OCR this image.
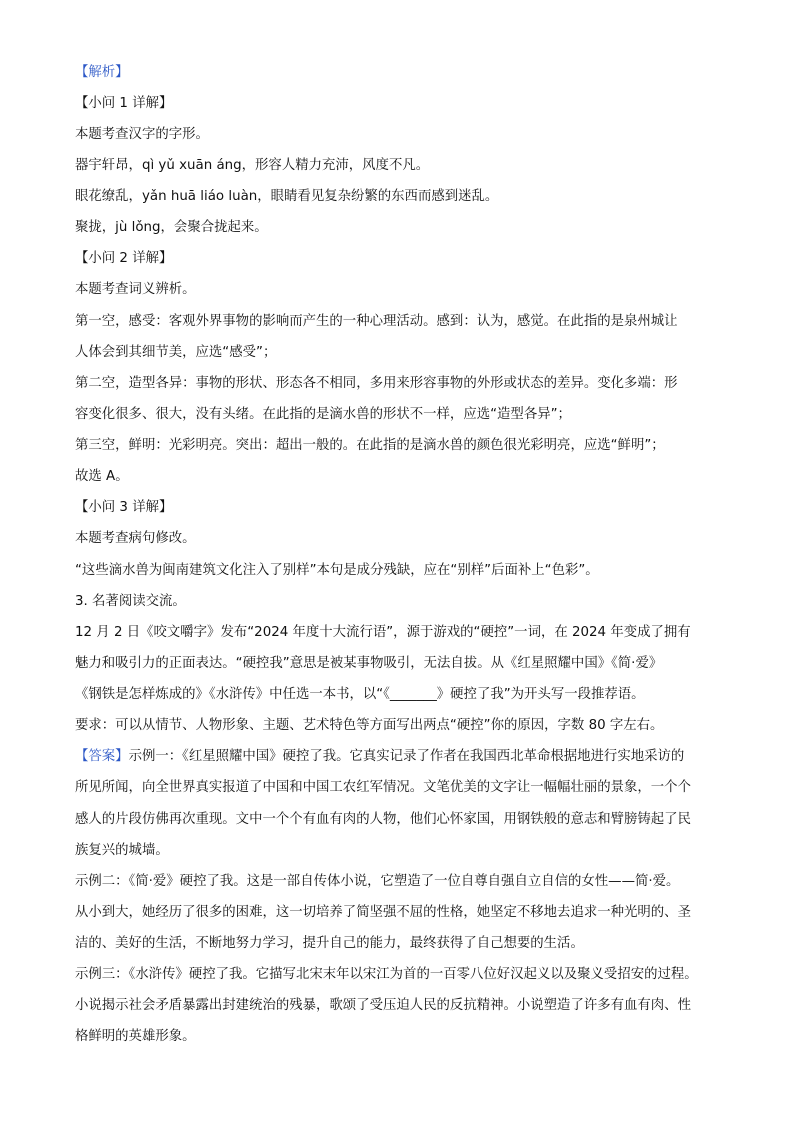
【解析】
【小问 1 详解】
本题考查汉字的字形。
器宇轩昂，qì yǔ xuān áng，形容人精力充沛，风度不凡。
眼花缭乱，yǎn huā liáo luàn，眼睛看见复杂纷繁的东西而感到迷乱。
聚拢，jù lǒng，会聚合拢起来。
【小问 2 详解】
本题考查词义辨析。
第一空，感受：客观外界事物的影响而产生的一种心理活动。感到：认为，感觉。在此指的是泉州城让
人体会到其细节美，应选“感受”；
第二空，造型各异：事物的形状、形态各不相同，多用来形容事物的外形或状态的差异。变化多端：形
容变化很多、很大，没有头绪。在此指的是滴水兽的形状不一样，应选“造型各异”；
第三空，鲜明：光彩明亮。突出：超出一般的。在此指的是滴水兽的颜色很光彩明亮，应选“鲜明”；
故选 A。
【小问 3 详解】
本题考查病句修改。
“这些滴水兽为闽南建筑文化注入了别样”本句是成分残缺，应在“别样”后面补上“色彩”。
3. 名著阅读交流。
12 月 2 日《咬文嚼字》发布“2024 年度十大流行语”，源于游戏的“硬控”一词，在 2024 年变成了拥有
魅力和吸引力的正面表达。“硬控我”意思是被某事物吸引，无法自拔。从《红星照耀中国》《简·爱》
《钢铁是怎样炼成的》《水浒传》中任选一本书，以“《_______》硬控了我”为开头写一段推荐语。
要求：可以从情节、人物形象、主题、艺术特色等方面写出两点“硬控”你的原因，字数 80 字左右。
【答案】示例一：《红星照耀中国》硬控了我。它真实记录了作者在我国西北革命根据地进行实地采访的
所见所闻，向全世界真实报道了中国和中国工农红军情况。文笔优美的文字让一幅幅壮丽的景象，一个个
感人的片段仿佛再次重现。文中一个个有血有肉的人物，他们心怀家国，用钢铁般的意志和臂膀铸起了民
族复兴的城墙。
示例二：《简·爱》硬控了我。这是一部自传体小说，它塑造了一位自尊自强自立自信的女性——简·爱。
从小到大，她经历了很多的困难，这一切培养了简坚强不屈的性格，她坚定不移地去追求一种光明的、圣
洁的、美好的生活，不断地努力学习，提升自己的能力，最终获得了自己想要的生活。
示例三：《水浒传》硬控了我。它描写北宋末年以宋江为首的一百零八位好汉起义以及聚义受招安的过程。
小说揭示社会矛盾暴露出封建统治的残暴，歌颂了受压迫人民的反抗精神。小说塑造了许多有血有肉、性
格鲜明的英雄形象。
